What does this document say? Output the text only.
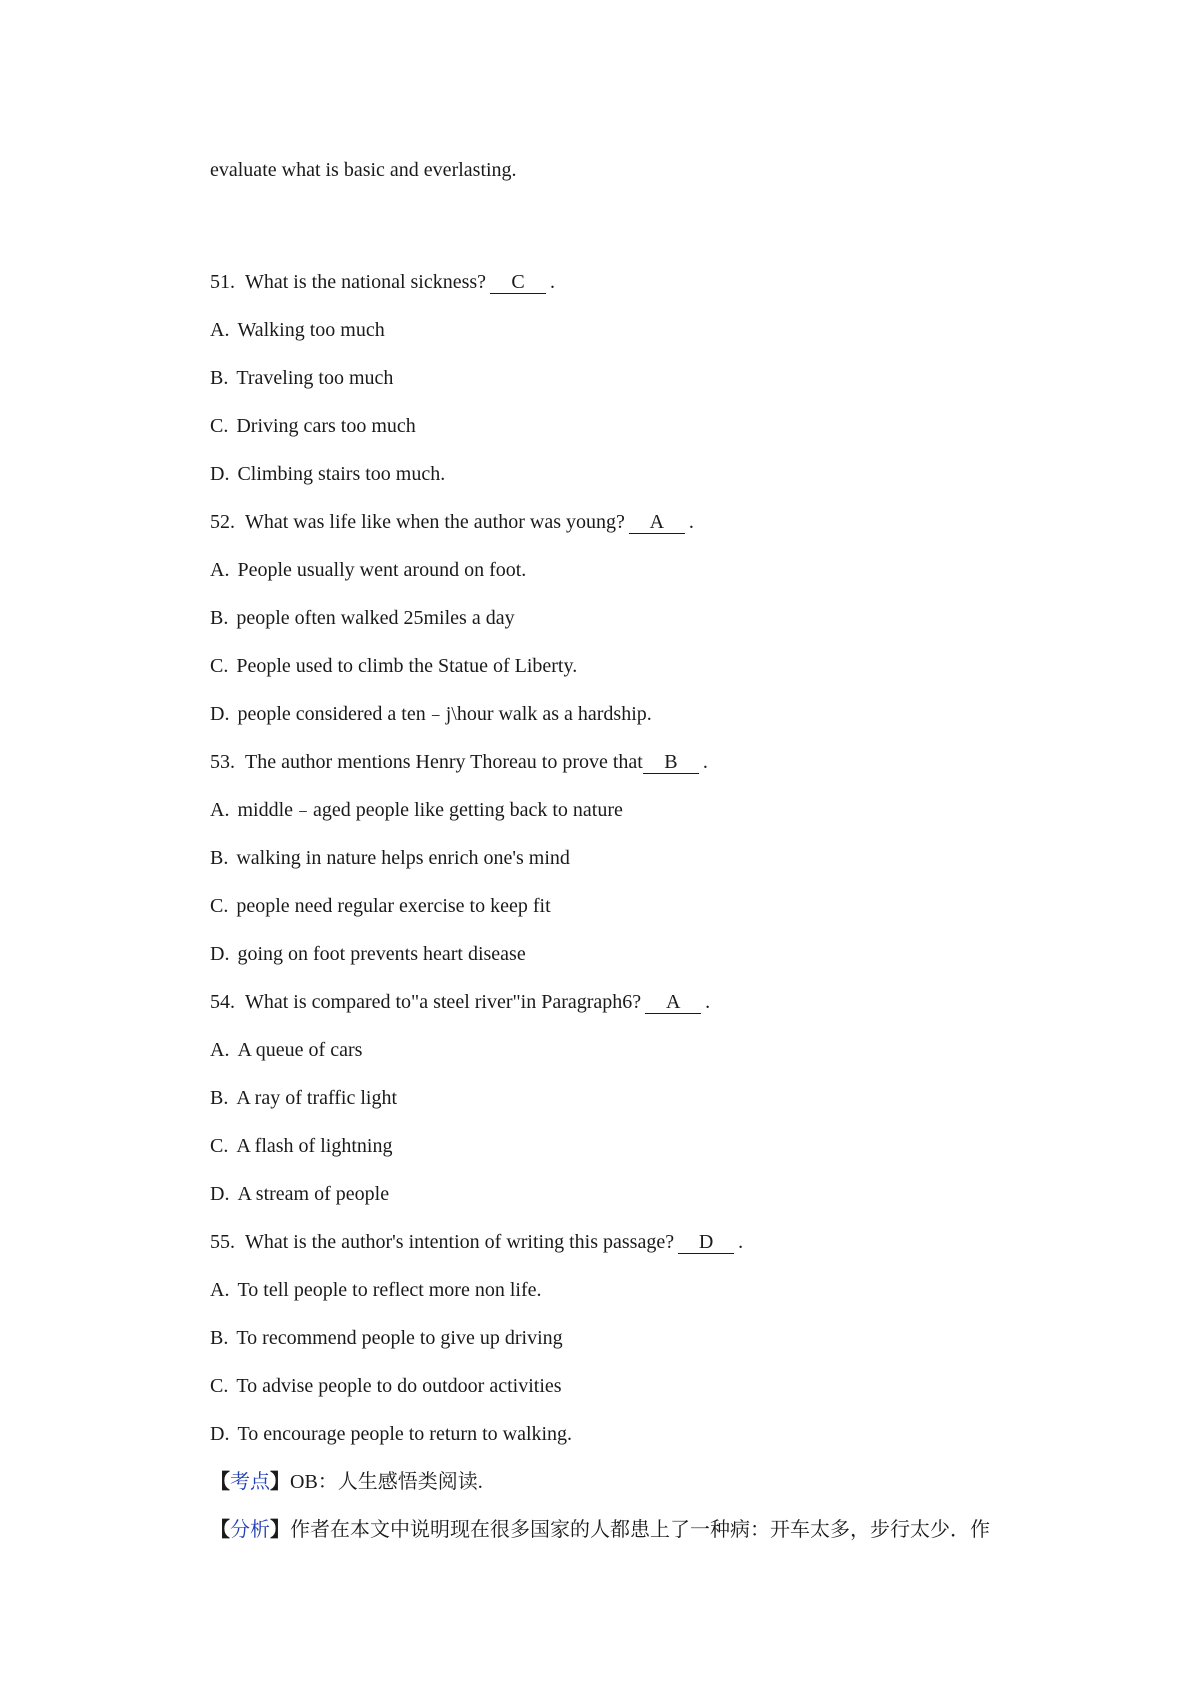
evaluate what is basic and everlasting.
51. What is the national sickness? C .
A. Walking too much
B. Traveling too much
C. Driving cars too much
D. Climbing stairs too much.
52. What was life like when the author was young? A .
A. People usually went around on foot.
B. people often walked 25miles a day
C. People used to climb the Statue of Liberty.
D. people considered a ten﹣j\hour walk as a hardship.
53. The author mentions Henry Thoreau to prove that B .
A. middle﹣aged people like getting back to nature
B. walking in nature helps enrich one's mind
C. people need regular exercise to keep fit
D. going on foot prevents heart disease
54. What is compared to"a steel river"in Paragraph6? A .
A. A queue of cars
B. A ray of traffic light
C. A flash of lightning
D. A stream of people
55. What is the author's intention of writing this passage? D .
A. To tell people to reflect more non life.
B. To recommend people to give up driving
C. To advise people to do outdoor activities
D. To encourage people to return to walking.
【考点】OB：人生感悟类阅读.
【分析】作者在本文中说明现在很多国家的人都患上了一种病：开车太多，步行太少．作
